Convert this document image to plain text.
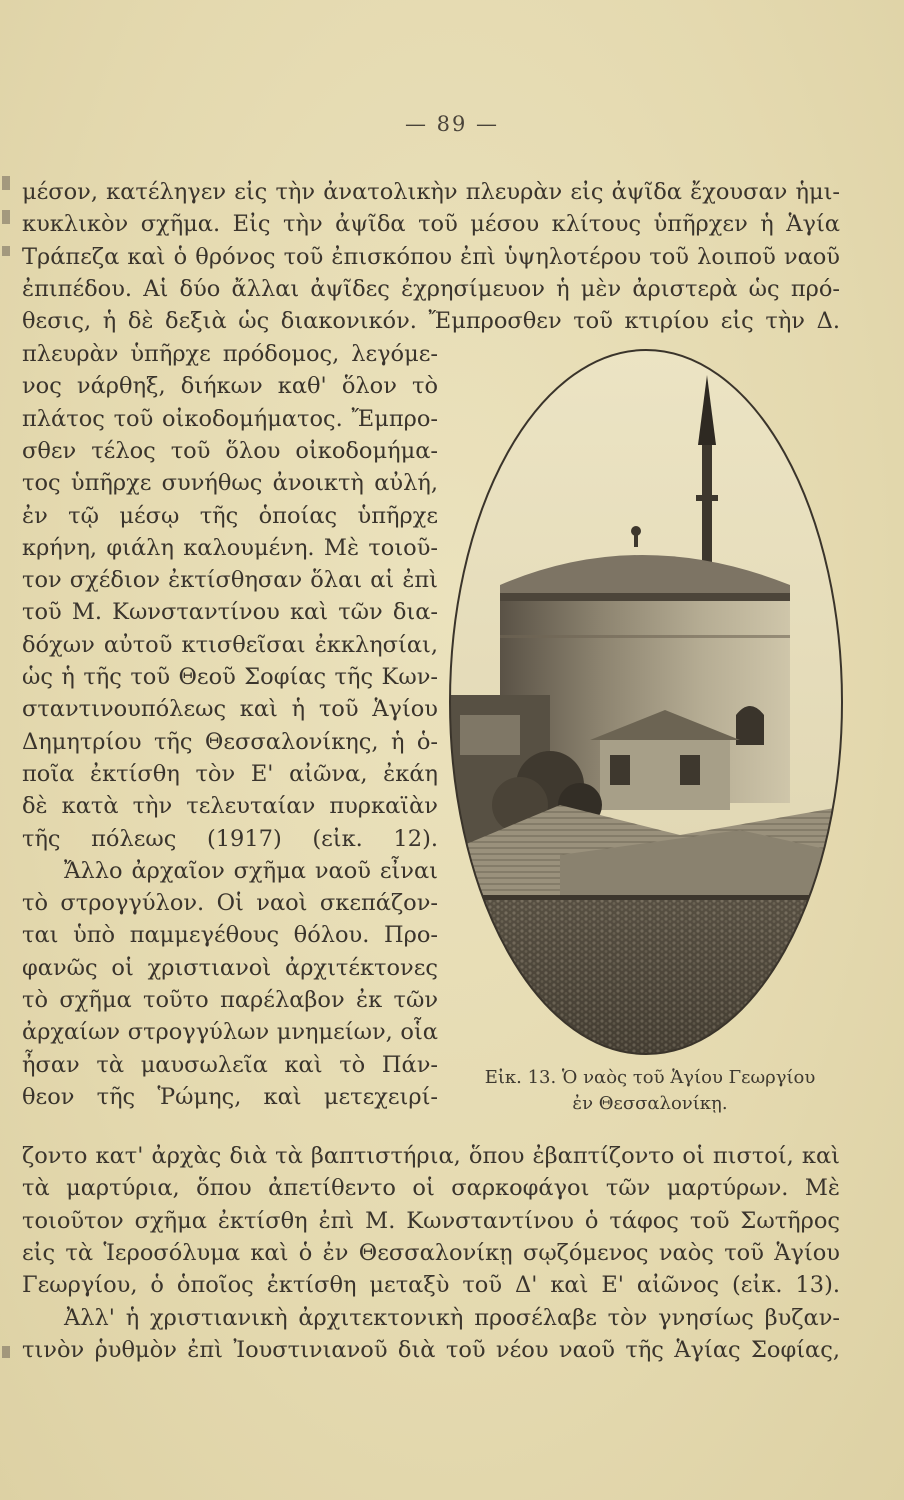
— 89 —
μέσον, κατέληγεν εἰς τὴν ἀνατολικὴν πλευρὰν εἰς ἀψῖδα ἔχουσαν ἡμι-
κυκλικὸν σχῆμα. Εἰς τὴν ἀψῖδα τοῦ μέσου κλίτους ὑπῆρχεν ἡ Ἁγία
Τράπεζα καὶ ὁ θρόνος τοῦ ἐπισκόπου ἐπὶ ὑψηλοτέρου τοῦ λοιποῦ ναοῦ
ἐπιπέδου. Αἱ δύο ἄλλαι ἀψῖδες ἐχρησίμευον ἡ μὲν ἀριστερὰ ὡς πρό-
θεσις, ἡ δὲ δεξιὰ ὡς διακονικόν. Ἔμπροσθεν τοῦ κτιρίου εἰς τὴν Δ.
πλευρὰν ὑπῆρχε πρόδομος, λεγόμε-
νος νάρθηξ, διήκων καθ' ὅλον τὸ
πλάτος τοῦ οἰκοδομήματος. Ἔμπρο-
σθεν τέλος τοῦ ὅλου οἰκοδομήμα-
τος ὑπῆρχε συνήθως ἀνοικτὴ αὐλή,
ἐν τῷ μέσῳ τῆς ὁποίας ὑπῆρχε
κρήνη, φιάλη καλουμένη. Μὲ τοιοῦ-
τον σχέδιον ἐκτίσθησαν ὅλαι αἱ ἐπὶ
τοῦ Μ. Κωνσταντίνου καὶ τῶν δια-
δόχων αὐτοῦ κτισθεῖσαι ἐκκλησίαι,
ὡς ἡ τῆς τοῦ Θεοῦ Σοφίας τῆς Κων-
σταντινουπόλεως καὶ ἡ τοῦ Ἁγίου
Δημητρίου τῆς Θεσσαλονίκης, ἡ ὁ-
ποῖα ἐκτίσθη τὸν Ε' αἰῶνα, ἐκάη
δὲ κατὰ τὴν τελευταίαν πυρκαϊὰν
τῆς πόλεως (1917) (εἰκ. 12).
Ἄλλο ἀρχαῖον σχῆμα ναοῦ εἶναι
τὸ στρογγύλον. Οἱ ναοὶ σκεπάζον-
ται ὑπὸ παμμεγέθους θόλου. Προ-
φανῶς οἱ χριστιανοὶ ἀρχιτέκτονες
τὸ σχῆμα τοῦτο παρέλαβον ἐκ τῶν
ἀρχαίων στρογγύλων μνημείων, οἷα
ἦσαν τὰ μαυσωλεῖα καὶ τὸ Πάν-
θεον τῆς Ῥώμης, καὶ μετεχειρί-
ζοντο κατ' ἀρχὰς διὰ τὰ βαπτιστήρια, ὅπου ἐβαπτίζοντο οἱ πιστοί, καὶ
τὰ μαρτύρια, ὅπου ἀπετίθεντο οἱ σαρκοφάγοι τῶν μαρτύρων. Μὲ
τοιοῦτον σχῆμα ἐκτίσθη ἐπὶ Μ. Κωνσταντίνου ὁ τάφος τοῦ Σωτῆρος
εἰς τὰ Ἱεροσόλυμα καὶ ὁ ἐν Θεσσαλονίκῃ σῳζόμενος ναὸς τοῦ Ἁγίου
Γεωργίου, ὁ ὁποῖος ἐκτίσθη μεταξὺ τοῦ Δ' καὶ Ε' αἰῶνος (εἰκ. 13).
Ἀλλ' ἡ χριστιανικὴ ἀρχιτεκτονικὴ προσέλαβε τὸν γνησίως βυζαν-
τινὸν ῥυθμὸν ἐπὶ Ἰουστινιανοῦ διὰ τοῦ νέου ναοῦ τῆς Ἁγίας Σοφίας,
Εἰκ. 13. Ὁ ναὸς τοῦ Ἁγίου Γεωργίου
ἐν Θεσσαλονίκῃ.
